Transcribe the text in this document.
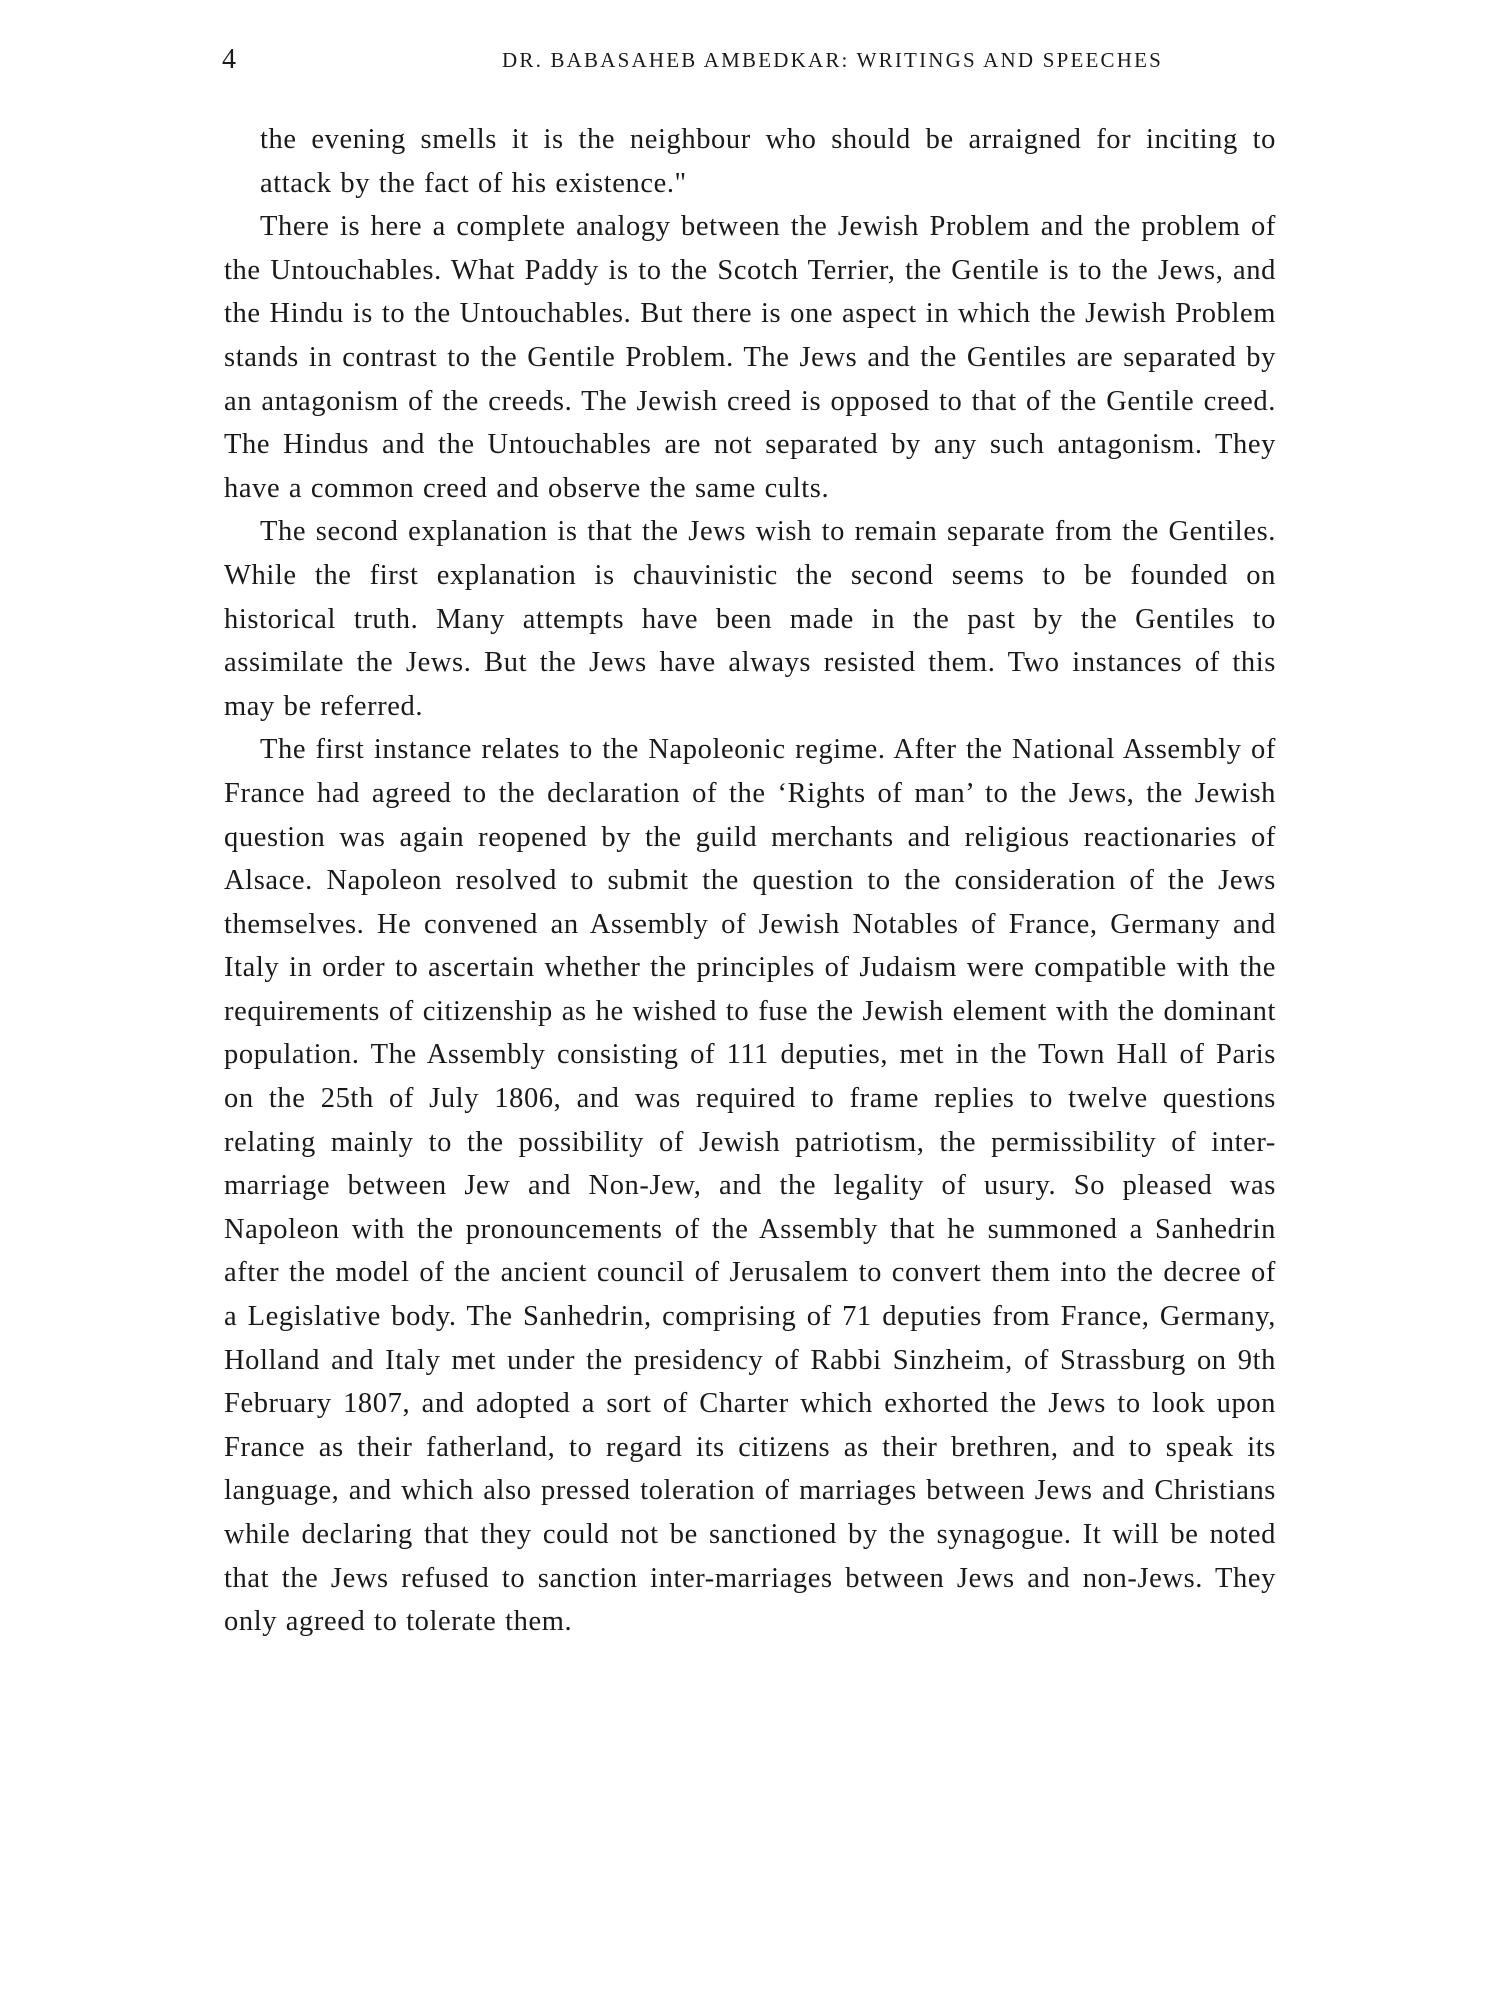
4	DR. BABASAHEB AMBEDKAR: WRITINGS AND SPEECHES

the evening smells it is the neighbour who should be arraigned for inciting to attack by the fact of his existence."

There is here a complete analogy between the Jewish Problem and the problem of the Untouchables. What Paddy is to the Scotch Terrier, the Gentile is to the Jews, and the Hindu is to the Untouchables. But there is one aspect in which the Jewish Problem stands in contrast to the Gentile Problem. The Jews and the Gentiles are separated by an antagonism of the creeds. The Jewish creed is opposed to that of the Gentile creed. The Hindus and the Untouchables are not separated by any such antagonism. They have a common creed and observe the same cults.

The second explanation is that the Jews wish to remain separate from the Gentiles. While the first explanation is chauvinistic the second seems to be founded on historical truth. Many attempts have been made in the past by the Gentiles to assimilate the Jews. But the Jews have always resisted them. Two instances of this may be referred.

The first instance relates to the Napoleonic regime. After the National Assembly of France had agreed to the declaration of the ‘Rights of man’ to the Jews, the Jewish question was again reopened by the guild merchants and religious reactionaries of Alsace. Napoleon resolved to submit the question to the consideration of the Jews themselves. He convened an Assembly of Jewish Notables of France, Germany and Italy in order to ascertain whether the principles of Judaism were compatible with the requirements of citizenship as he wished to fuse the Jewish element with the dominant population. The Assembly consisting of 111 deputies, met in the Town Hall of Paris on the 25th of July 1806, and was required to frame replies to twelve questions relating mainly to the possibility of Jewish patriotism, the permissibility of inter-marriage between Jew and Non-Jew, and the legality of usury. So pleased was Napoleon with the pronouncements of the Assembly that he summoned a Sanhedrin after the model of the ancient council of Jerusalem to convert them into the decree of a Legislative body. The Sanhedrin, comprising of 71 deputies from France, Germany, Holland and Italy met under the presidency of Rabbi Sinzheim, of Strassburg on 9th February 1807, and adopted a sort of Charter which exhorted the Jews to look upon France as their fatherland, to regard its citizens as their brethren, and to speak its language, and which also pressed toleration of marriages between Jews and Christians while declaring that they could not be sanctioned by the synagogue. It will be noted that the Jews refused to sanction inter-marriages between Jews and non-Jews. They only agreed to tolerate them.
